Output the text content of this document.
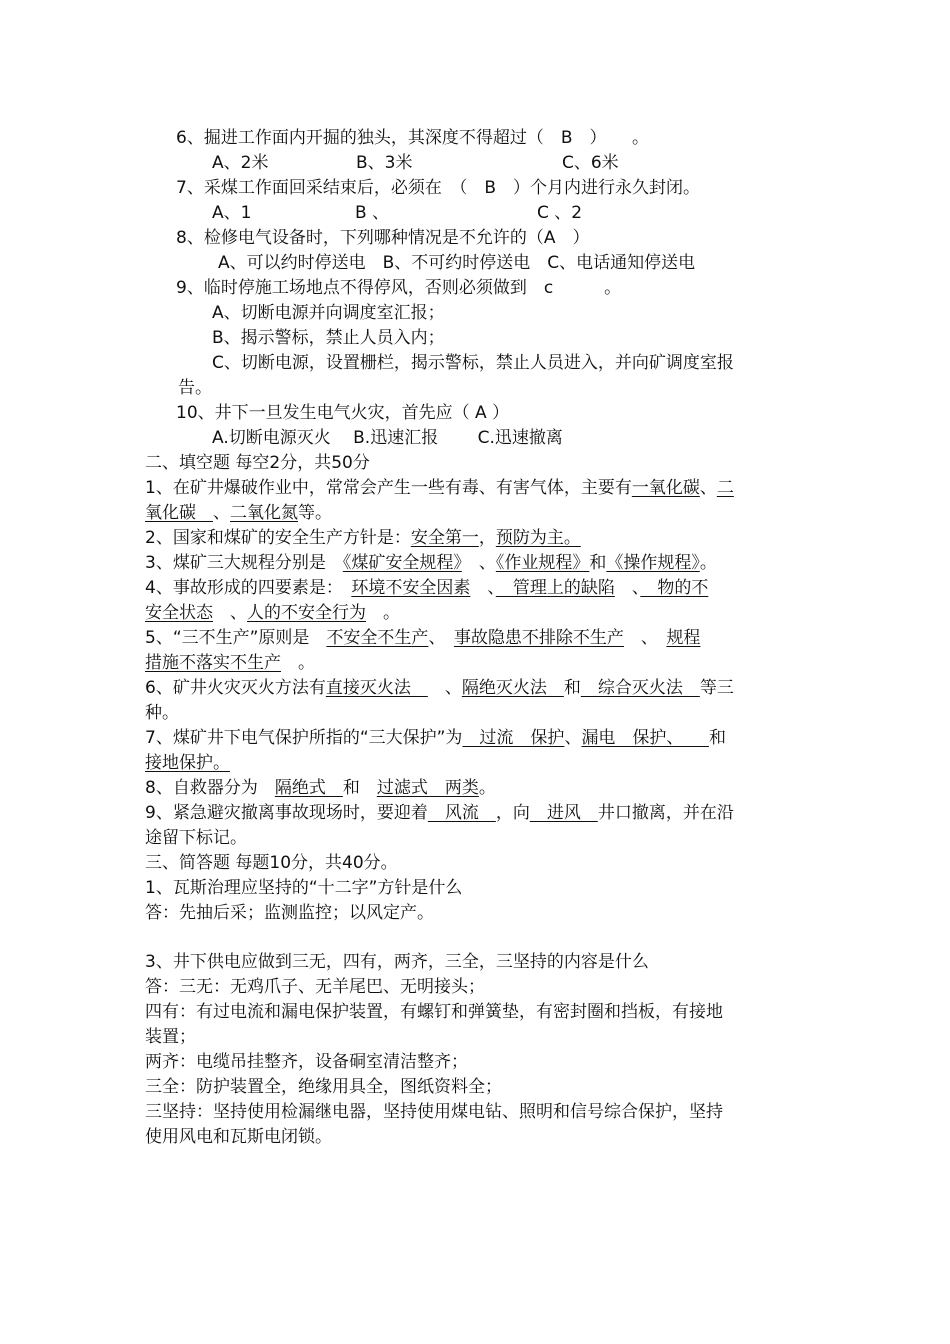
6、掘进工作面内开掘的独头，其深度不得超过（　B　）　　。
A、2米	B、3米	C、6米
7、采煤工作面回采结束后，必须在　（　B　）个月内进行永久封闭。
A、1	B 、	C 、2
8、检修电气设备时，下列哪种情况是不允许的（A　）
A、可以约时停送电　B、不可约时停送电　C、电话通知停送电
9、临时停施工场地点不得停风，否则必须做到　c　　　。
A、切断电源并向调度室汇报；
B、揭示警标，禁止人员入内；
C、切断电源，设置栅栏，揭示警标，禁止人员进入，并向矿调度室报
告。
10、井下一旦发生电气火灾，首先应（ A ）
A.切断电源灭火　 B.迅速汇报　　 C.迅速撤离
二、填空题 每空2分，共50分
1、在矿井爆破作业中，常常会产生一些有毒、有害气体，主要有一氧化碳、二
氧化碳　、二氧化氮等。
2、国家和煤矿的安全生产方针是：安全第一，预防为主。
3、煤矿三大规程分别是　《煤矿安全规程》　、《作业规程》和《操作规程》。
4、事故形成的四要素是：　环境不安全因素　、　管理上的缺陷　、　物的不
安全状态　、人的不安全行为　。
5、“三不生产”原则是　不安全不生产、　事故隐患不排除不生产　、　规程
措施不落实不生产　。
6、矿井火灾灭火方法有直接灭火法　　、隔绝灭火法　和　综合灭火法　等三
种。
7、煤矿井下电气保护所指的“三大保护”为　过流　保护、漏电　保护、　　和
接地保护。
8、自救器分为　隔绝式　和　过滤式　两类。
9、紧急避灾撤离事故现场时，要迎着　风流　，向　进风　井口撤离，并在沿
途留下标记。
三、简答题 每题10分，共40分。
1、瓦斯治理应坚持的“十二字”方针是什么
答：先抽后采；监测监控；以风定产。
3、井下供电应做到三无，四有，两齐，三全，三坚持的内容是什么
答：三无：无鸡爪子、无羊尾巴、无明接头；
四有：有过电流和漏电保护装置，有螺钉和弹簧垫，有密封圈和挡板，有接地
装置；
两齐：电缆吊挂整齐，设备硐室清洁整齐；
三全：防护装置全，绝缘用具全，图纸资料全；
三坚持：坚持使用检漏继电器，坚持使用煤电钻、照明和信号综合保护，坚持
使用风电和瓦斯电闭锁。
